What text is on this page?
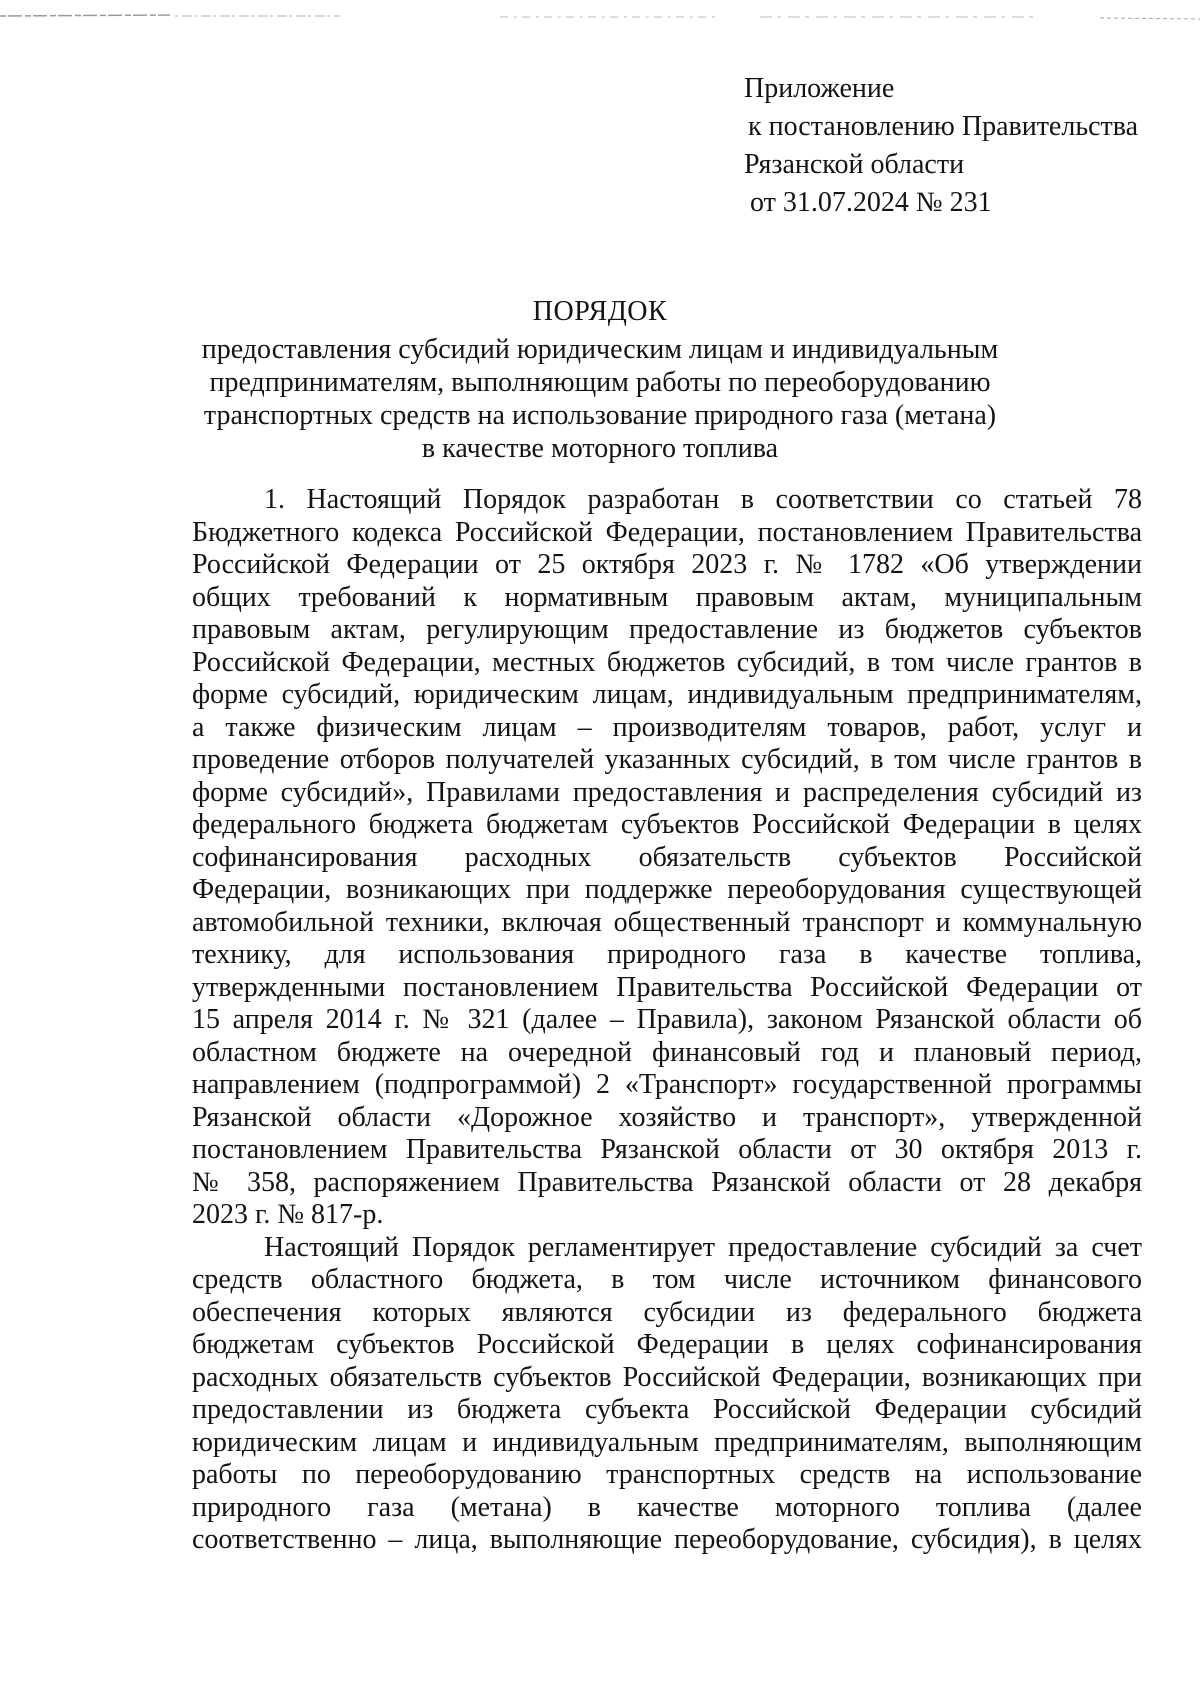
Приложение
к постановлению Правительства
Рязанской области
от 31.07.2024 № 231
ПОРЯДОК
предоставления субсидий юридическим лицам и индивидуальным
предпринимателям, выполняющим работы по переоборудованию
транспортных средств на использование природного газа (метана)
в качестве моторного топлива
1. Настоящий Порядок разработан в соответствии со статьей 78
Бюджетного кодекса Российской Федерации, постановлением Правительства
Российской Федерации от 25 октября 2023 г. № 1782 «Об утверждении
общих требований к нормативным правовым актам, муниципальным
правовым актам, регулирующим предоставление из бюджетов субъектов
Российской Федерации, местных бюджетов субсидий, в том числе грантов в
форме субсидий, юридическим лицам, индивидуальным предпринимателям,
а также физическим лицам – производителям товаров, работ, услуг и
проведение отборов получателей указанных субсидий, в том числе грантов в
форме субсидий», Правилами предоставления и распределения субсидий из
федерального бюджета бюджетам субъектов Российской Федерации в целях
софинансирования расходных обязательств субъектов Российской
Федерации, возникающих при поддержке переоборудования существующей
автомобильной техники, включая общественный транспорт и коммунальную
технику, для использования природного газа в качестве топлива,
утвержденными постановлением Правительства Российской Федерации от
15 апреля 2014 г. № 321 (далее – Правила), законом Рязанской области об
областном бюджете на очередной финансовый год и плановый период,
направлением (подпрограммой) 2 «Транспорт» государственной программы
Рязанской области «Дорожное хозяйство и транспорт», утвержденной
постановлением Правительства Рязанской области от 30 октября 2013 г.
№ 358, распоряжением Правительства Рязанской области от 28 декабря
2023 г. № 817-р.
Настоящий Порядок регламентирует предоставление субсидий за счет
средств областного бюджета, в том числе источником финансового
обеспечения которых являются субсидии из федерального бюджета
бюджетам субъектов Российской Федерации в целях софинансирования
расходных обязательств субъектов Российской Федерации, возникающих при
предоставлении из бюджета субъекта Российской Федерации субсидий
юридическим лицам и индивидуальным предпринимателям, выполняющим
работы по переоборудованию транспортных средств на использование
природного газа (метана) в качестве моторного топлива (далее
соответственно – лица, выполняющие переоборудование, субсидия), в целях
